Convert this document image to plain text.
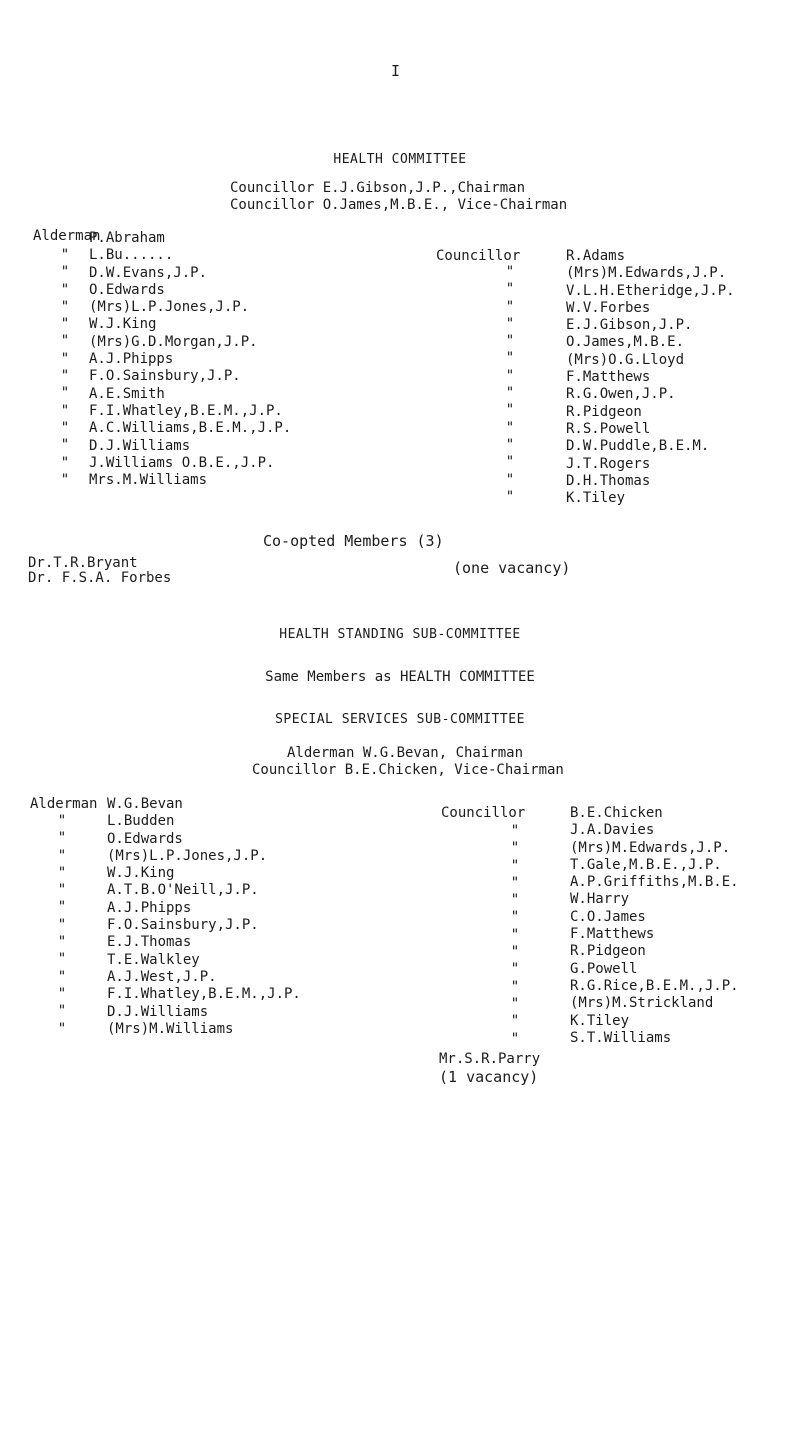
I
HEALTH COMMITTEE
Councillor E.J.Gibson,J.P.,Chairman
Councillor O.James,M.B.E., Vice-Chairman
Alderman
"
"
"
"
"
"
"
"
"
"
"
"
"
"
P.Abraham
L.Bu......
D.W.Evans,J.P.
O.Edwards
(Mrs)L.P.Jones,J.P.
W.J.King
(Mrs)G.D.Morgan,J.P.
A.J.Phipps
F.O.Sainsbury,J.P.
A.E.Smith
F.I.Whatley,B.E.M.,J.P.
A.C.Williams,B.E.M.,J.P.
D.J.Williams
J.Williams O.B.E.,J.P.
Mrs.M.Williams
Councillor
"
"
"
"
"
"
"
"
"
"
"
"
"
"
R.Adams
(Mrs)M.Edwards,J.P.
V.L.H.Etheridge,J.P.
W.V.Forbes
E.J.Gibson,J.P.
O.James,M.B.E.
(Mrs)O.G.Lloyd
F.Matthews
R.G.Owen,J.P.
R.Pidgeon
R.S.Powell
D.W.Puddle,B.E.M.
J.T.Rogers
D.H.Thomas
K.Tiley
Co-opted Members (3)
Dr.T.R.Bryant
Dr. F.S.A. Forbes
(one vacancy)
HEALTH STANDING SUB-COMMITTEE
Same Members as HEALTH COMMITTEE
SPECIAL SERVICES SUB-COMMITTEE
Alderman W.G.Bevan, Chairman
Councillor B.E.Chicken, Vice-Chairman
Alderman
"
"
"
"
"
"
"
"
"
"
"
"
"
W.G.Bevan
L.Budden
O.Edwards
(Mrs)L.P.Jones,J.P.
W.J.King
A.T.B.O'Neill,J.P.
A.J.Phipps
F.O.Sainsbury,J.P.
E.J.Thomas
T.E.Walkley
A.J.West,J.P.
F.I.Whatley,B.E.M.,J.P.
D.J.Williams
(Mrs)M.Williams
Councillor
"
"
"
"
"
"
"
"
"
"
"
"
"
B.E.Chicken
J.A.Davies
(Mrs)M.Edwards,J.P.
T.Gale,M.B.E.,J.P.
A.P.Griffiths,M.B.E.
W.Harry
C.O.James
F.Matthews
R.Pidgeon
G.Powell
R.G.Rice,B.E.M.,J.P.
(Mrs)M.Strickland
K.Tiley
S.T.Williams
Mr.S.R.Parry
(1 vacancy)
